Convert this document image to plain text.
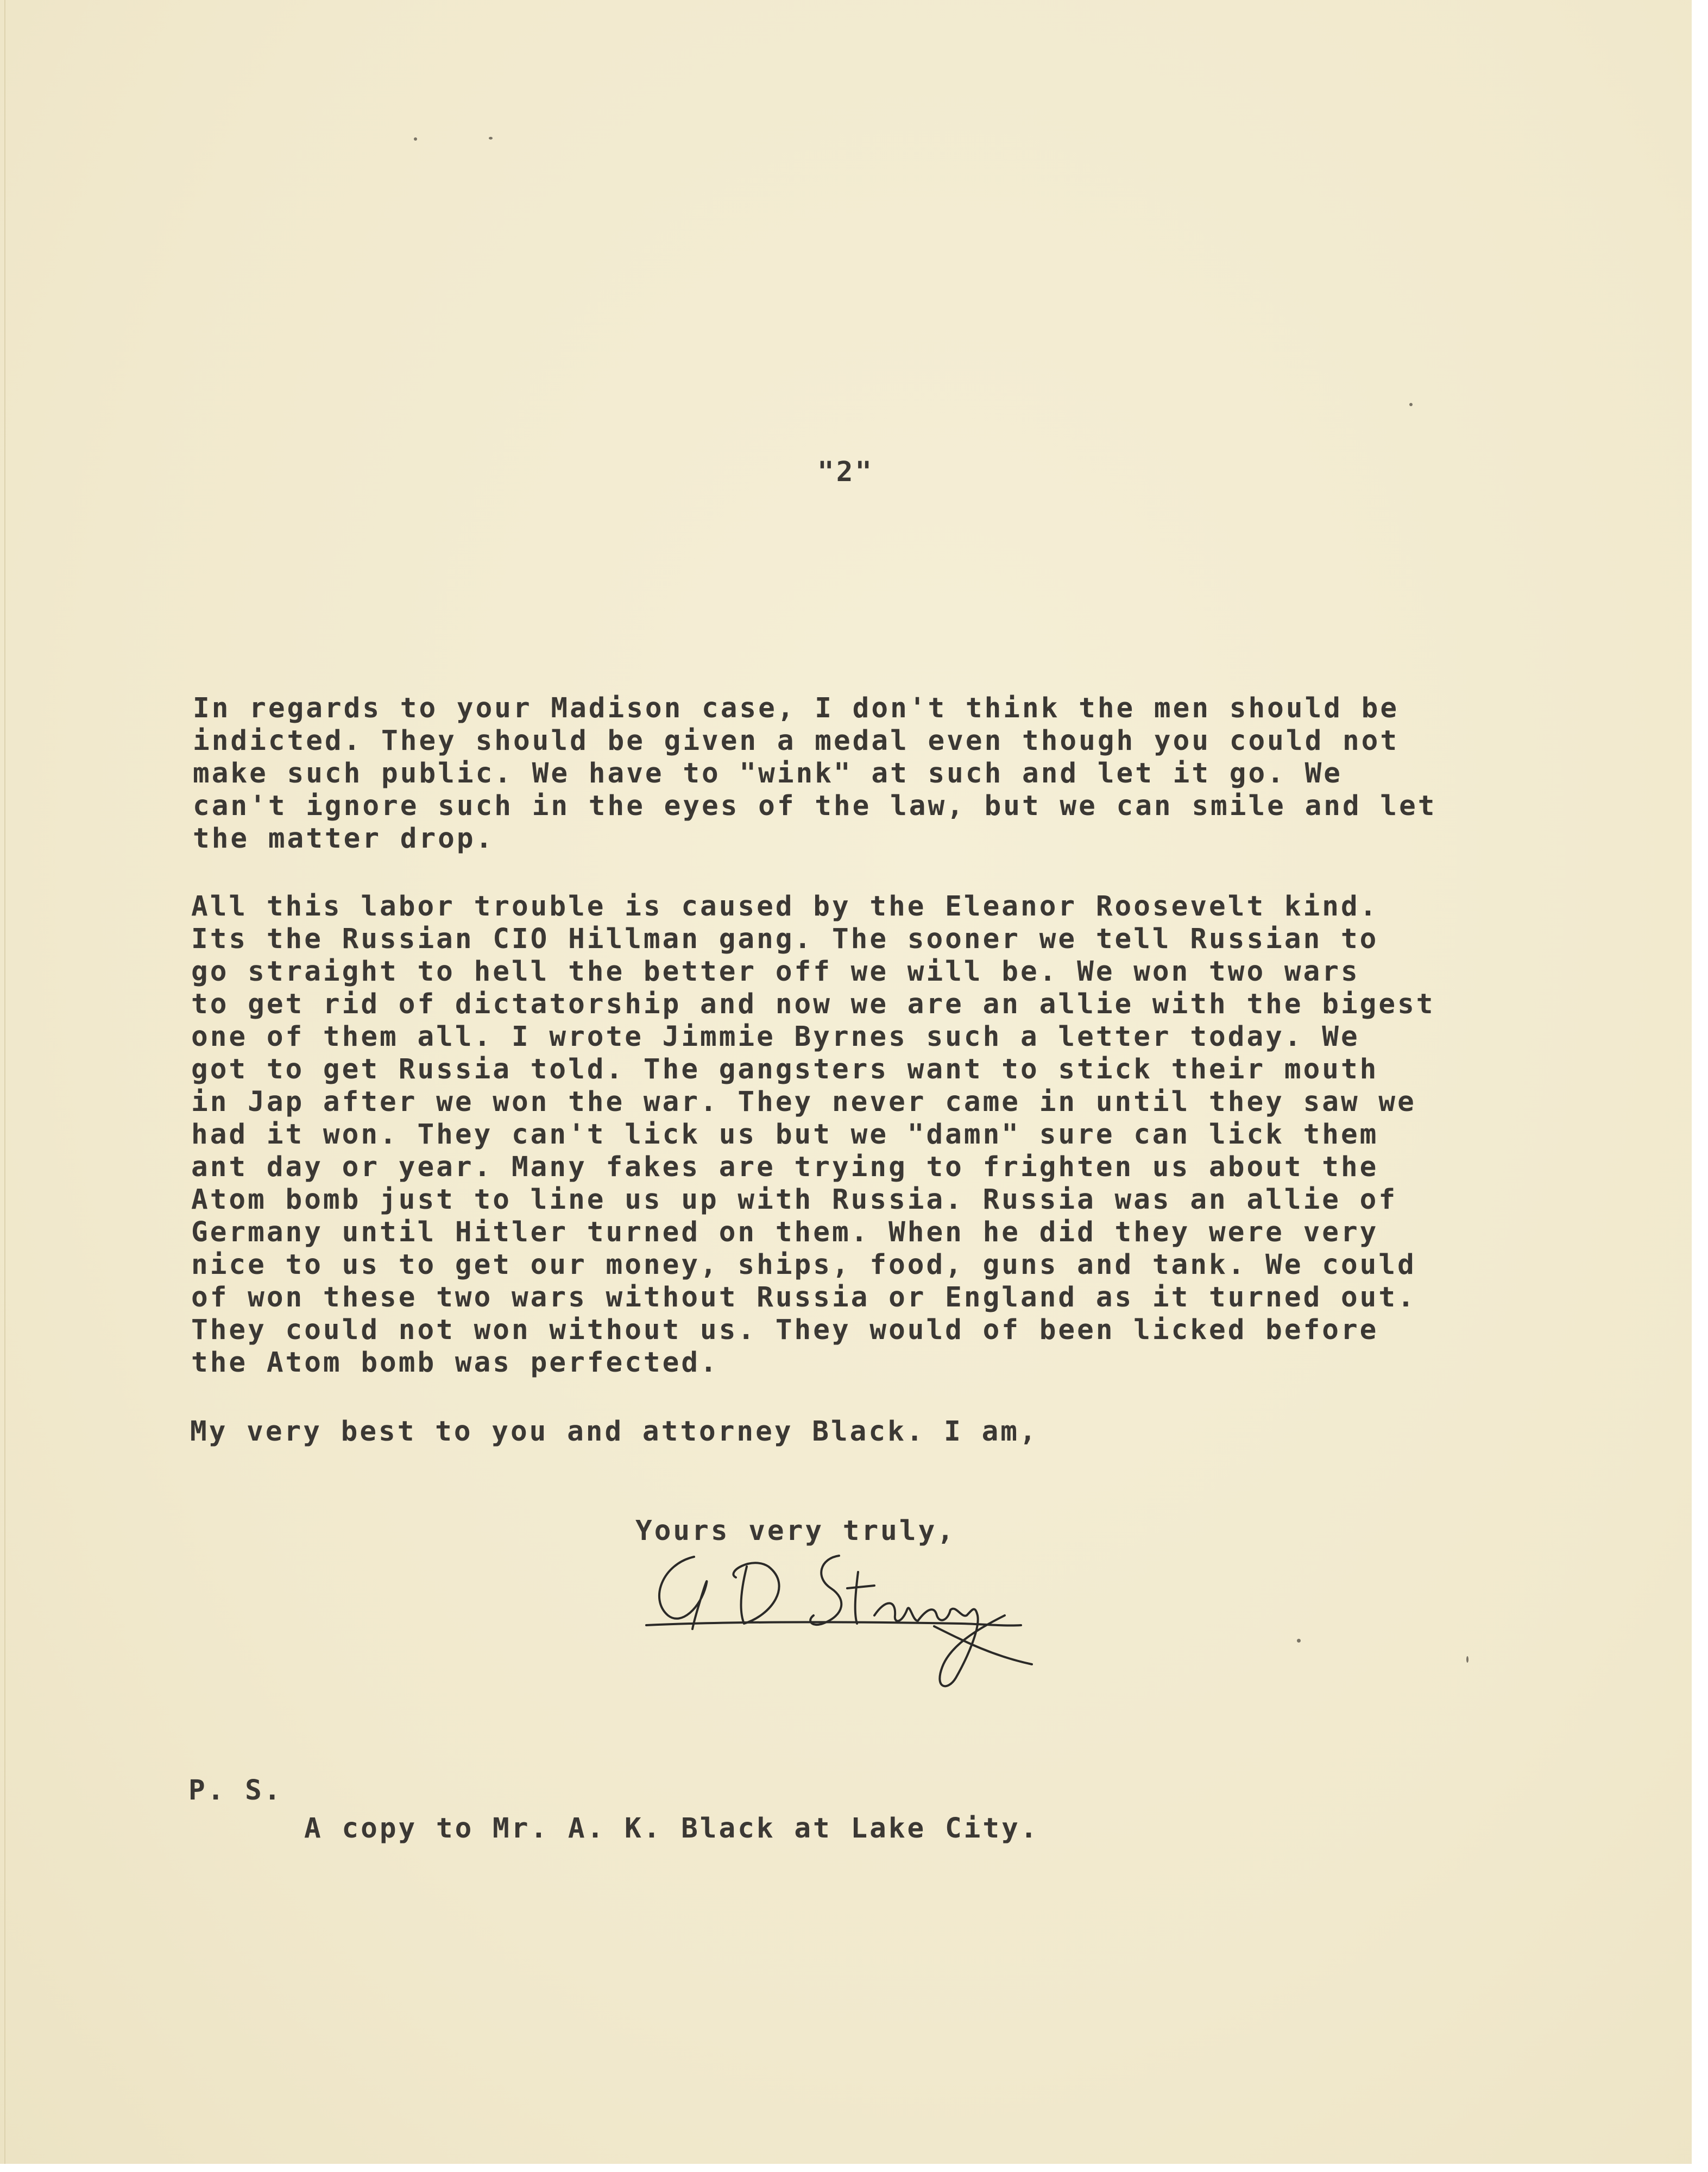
"2"

In regards to your Madison case, I don't think the men should be
indicted. They should be given a medal even though you could not
make such public. We have to "wink" at such and let it go. We
can't ignore such in the eyes of the law, but we can smile and let
the matter drop.

All this labor trouble is caused by the Eleanor Roosevelt kind.
Its the Russian CIO Hillman gang. The sooner we tell Russian to
go straight to hell the better off we will be. We won two wars
to get rid of dictatorship and now we are an allie with the bigest
one of them all. I wrote Jimmie Byrnes such a letter today. We
got to get Russia told. The gangsters want to stick their mouth
in Jap after we won the war. They never came in until they saw we
had it won. They can't lick us but we "damn" sure can lick them
ant day or year. Many fakes are trying to frighten us about the
Atom bomb just to line us up with Russia. Russia was an allie of
Germany until Hitler turned on them. When he did they were very
nice to us to get our money, ships, food, guns and tank. We could
of won these two wars without Russia or England as it turned out.
They could not won without us. They would of been licked before
the Atom bomb was perfected.

My very best to you and attorney Black. I am,

Yours very truly,

P. S.

A copy to Mr. A. K. Black at Lake City.
